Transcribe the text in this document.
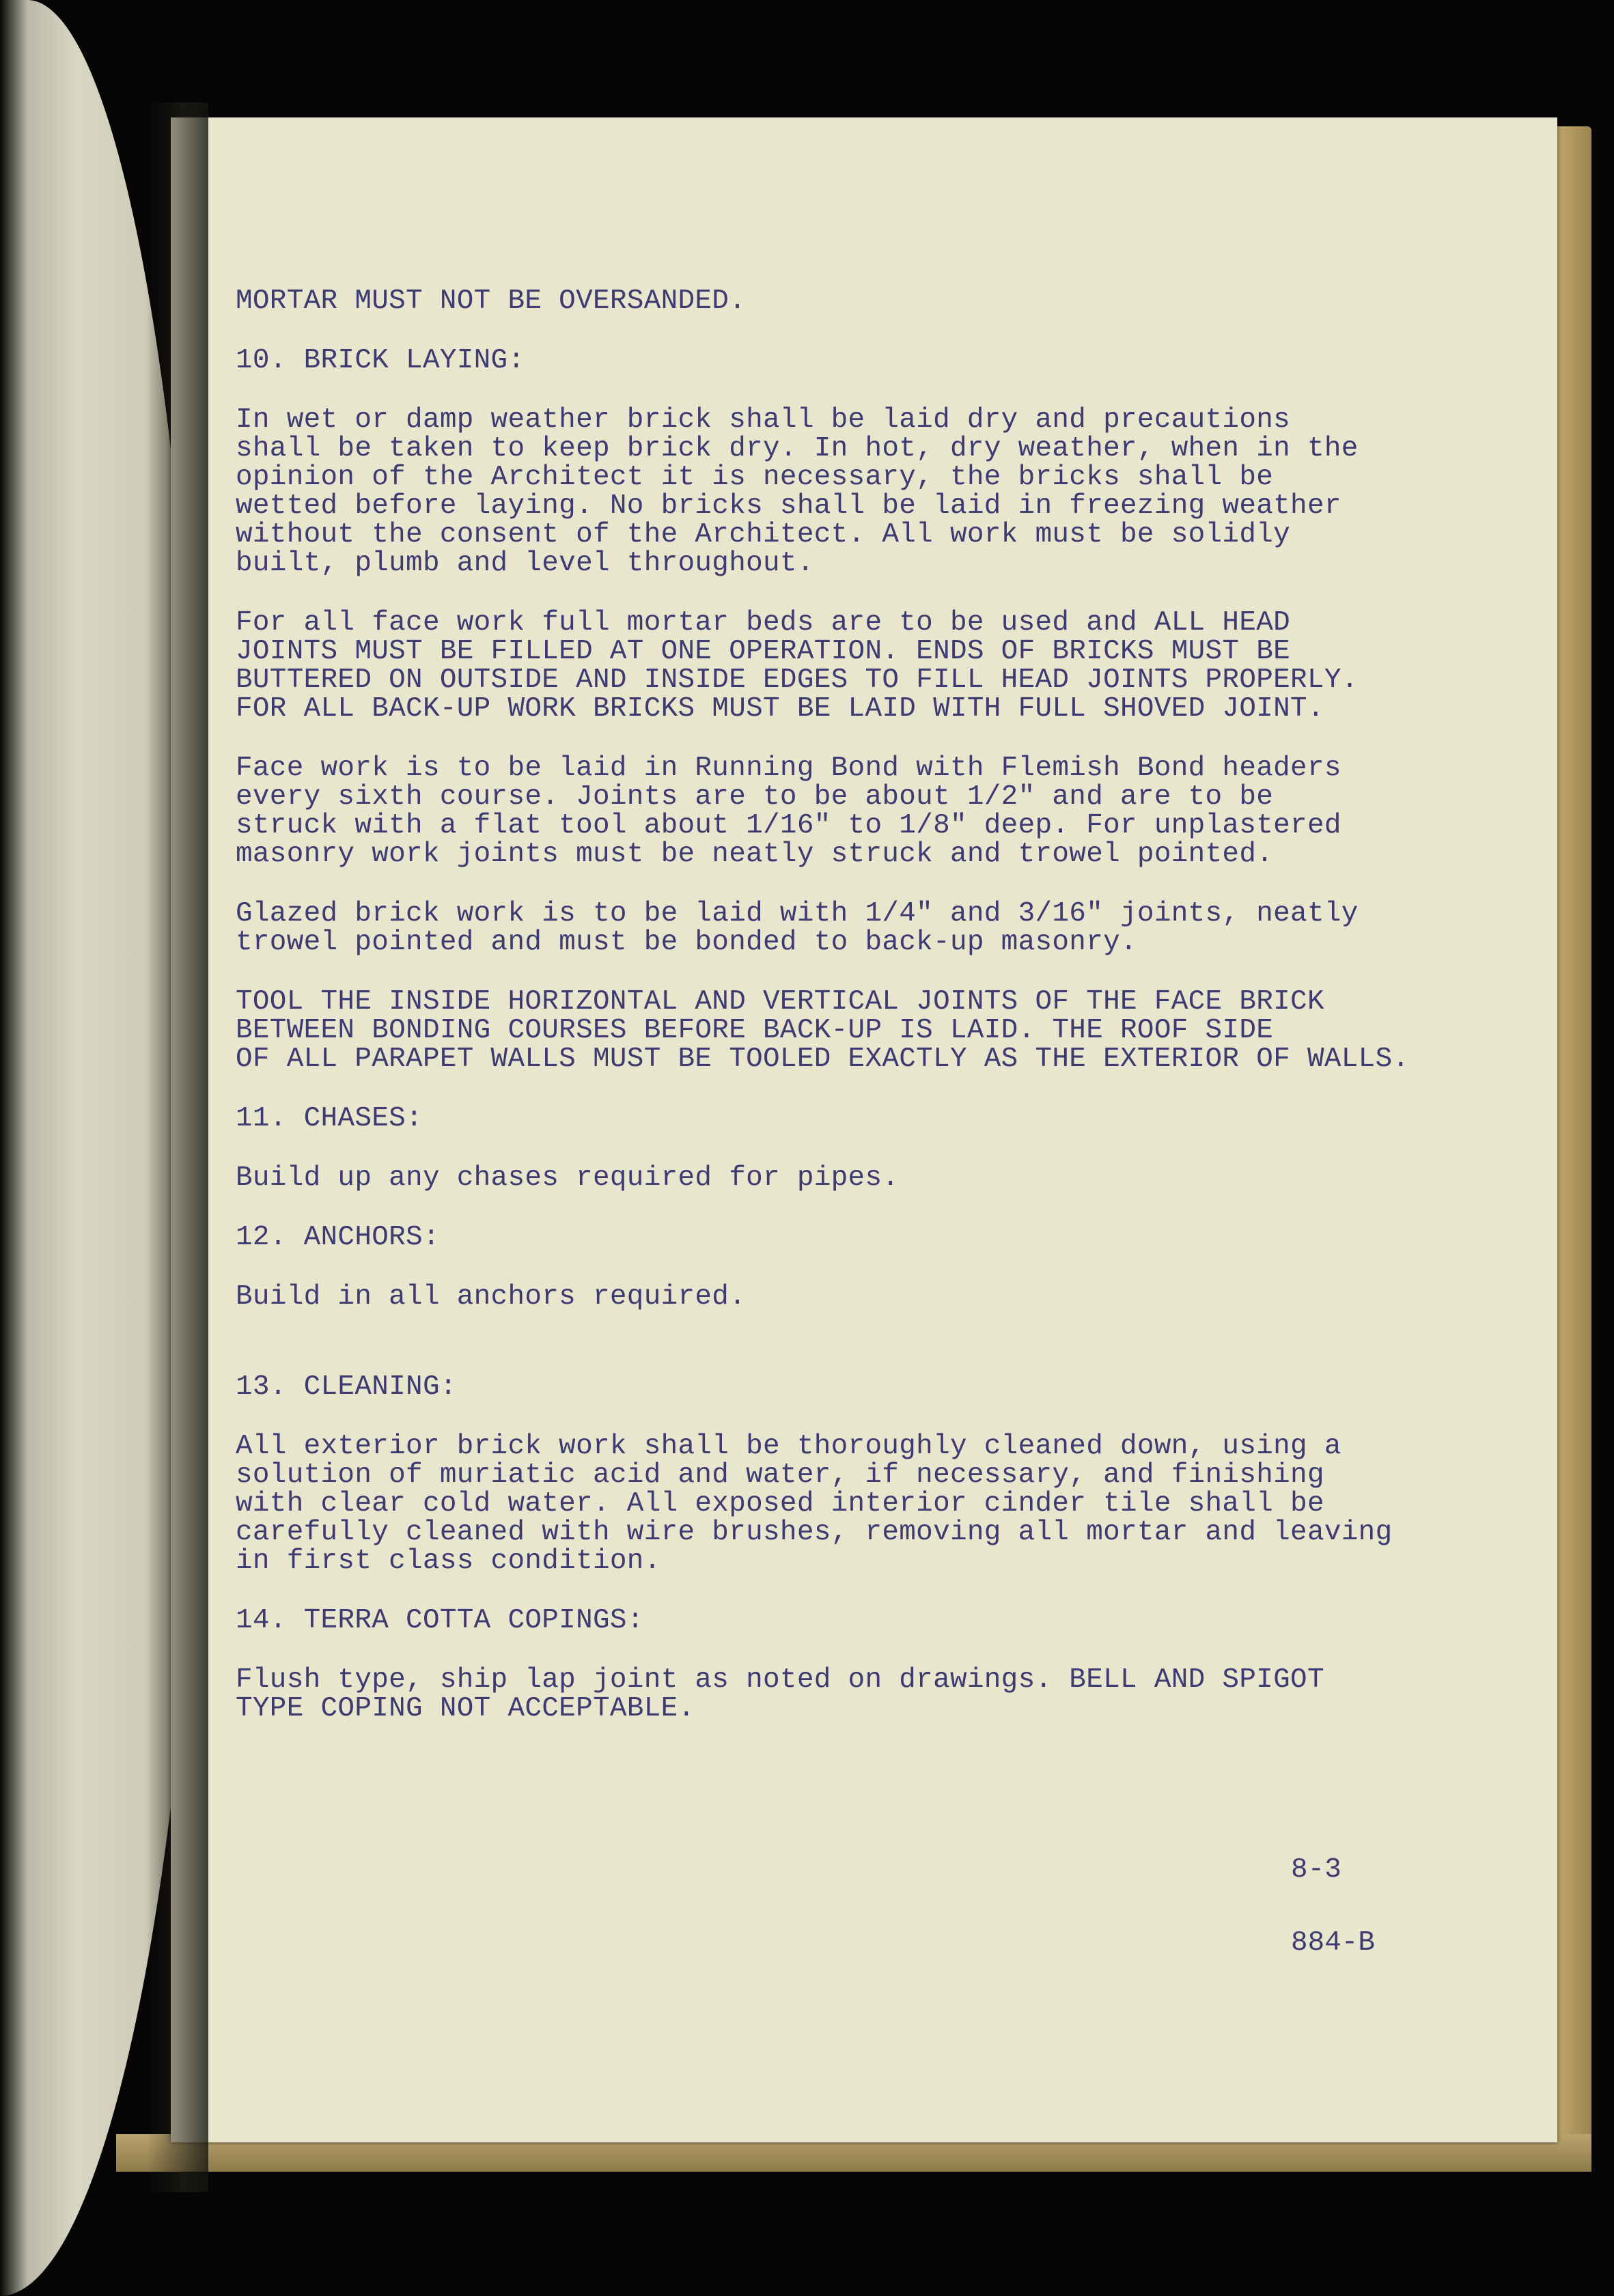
MORTAR MUST NOT BE OVERSANDED.

10. BRICK LAYING:

In wet or damp weather brick shall be laid dry and precautions
shall be taken to keep brick dry. In hot, dry weather, when in the
opinion of the Architect it is necessary, the bricks shall be
wetted before laying. No bricks shall be laid in freezing weather
without the consent of the Architect. All work must be solidly
built, plumb and level throughout.

For all face work full mortar beds are to be used and ALL HEAD
JOINTS MUST BE FILLED AT ONE OPERATION. ENDS OF BRICKS MUST BE
BUTTERED ON OUTSIDE AND INSIDE EDGES TO FILL HEAD JOINTS PROPERLY.
FOR ALL BACK-UP WORK BRICKS MUST BE LAID WITH FULL SHOVED JOINT.

Face work is to be laid in Running Bond with Flemish Bond headers
every sixth course. Joints are to be about 1/2" and are to be
struck with a flat tool about 1/16" to 1/8" deep. For unplastered
masonry work joints must be neatly struck and trowel pointed.

Glazed brick work is to be laid with 1/4" and 3/16" joints, neatly
trowel pointed and must be bonded to back-up masonry.

TOOL THE INSIDE HORIZONTAL AND VERTICAL JOINTS OF THE FACE BRICK
BETWEEN BONDING COURSES BEFORE BACK-UP IS LAID. THE ROOF SIDE
OF ALL PARAPET WALLS MUST BE TOOLED EXACTLY AS THE EXTERIOR OF WALLS.

11. CHASES:

Build up any chases required for pipes.

12. ANCHORS:

Build in all anchors required.

13. CLEANING:

All exterior brick work shall be thoroughly cleaned down, using a
solution of muriatic acid and water, if necessary, and finishing
with clear cold water. All exposed interior cinder tile shall be
carefully cleaned with wire brushes, removing all mortar and leaving
in first class condition.

14. TERRA COTTA COPINGS:

Flush type, ship lap joint as noted on drawings. BELL AND SPIGOT
TYPE COPING NOT ACCEPTABLE.

8-3
884-B
